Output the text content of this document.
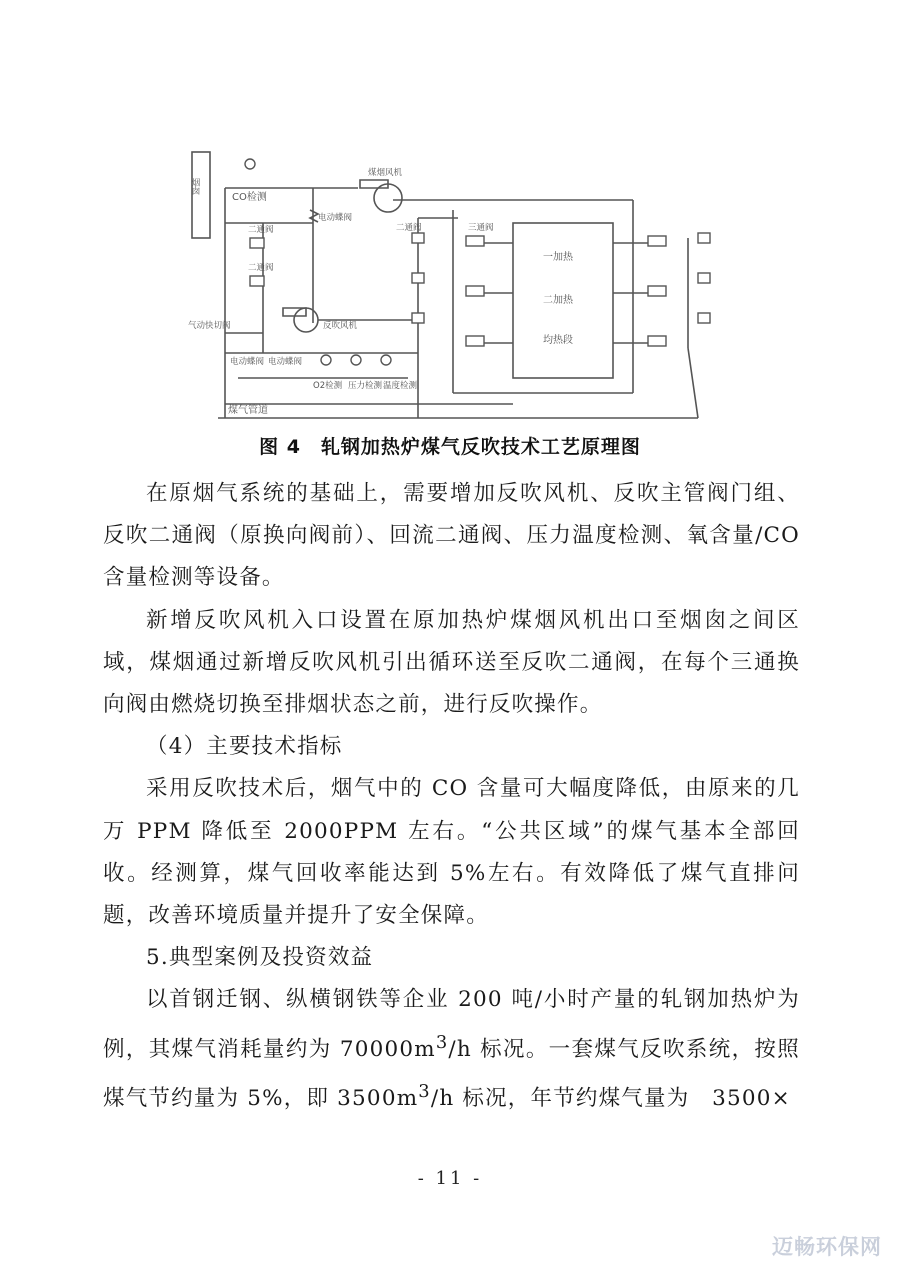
烟囱
CO检测
煤烟风机
二通阀
二通阀
二通阀
电动蝶阀
三通阀
反吹风机
气动快切阀
电动蝶阀 电动蝶阀
O2检测 压力检测 温度检测
煤气管道
一加热
二加热
均热段
图 4　轧钢加热炉煤气反吹技术工艺原理图

在原烟气系统的基础上，需要增加反吹风机、反吹主管阀门组、反吹二通阀（原换向阀前）、回流二通阀、压力温度检测、氧含量/CO含量检测等设备。

新增反吹风机入口设置在原加热炉煤烟风机出口至烟囱之间区域，煤烟通过新增反吹风机引出循环送至反吹二通阀，在每个三通换向阀由燃烧切换至排烟状态之前，进行反吹操作。

（4）主要技术指标

采用反吹技术后，烟气中的 CO 含量可大幅度降低，由原来的几万 PPM 降低至 2000PPM 左右。“公共区域”的煤气基本全部回收。经测算，煤气回收率能达到 5%左右。有效降低了煤气直排问题，改善环境质量并提升了安全保障。

5.典型案例及投资效益

以首钢迁钢、纵横钢铁等企业 200 吨/小时产量的轧钢加热炉为例，其煤气消耗量约为 $70000m^3/h$ 标况。一套煤气反吹系统，按照煤气节约量为 5%，即 $3500m^3/h$ 标况，年节约煤气量为　3500×

- 11 -
迈畅环保网
